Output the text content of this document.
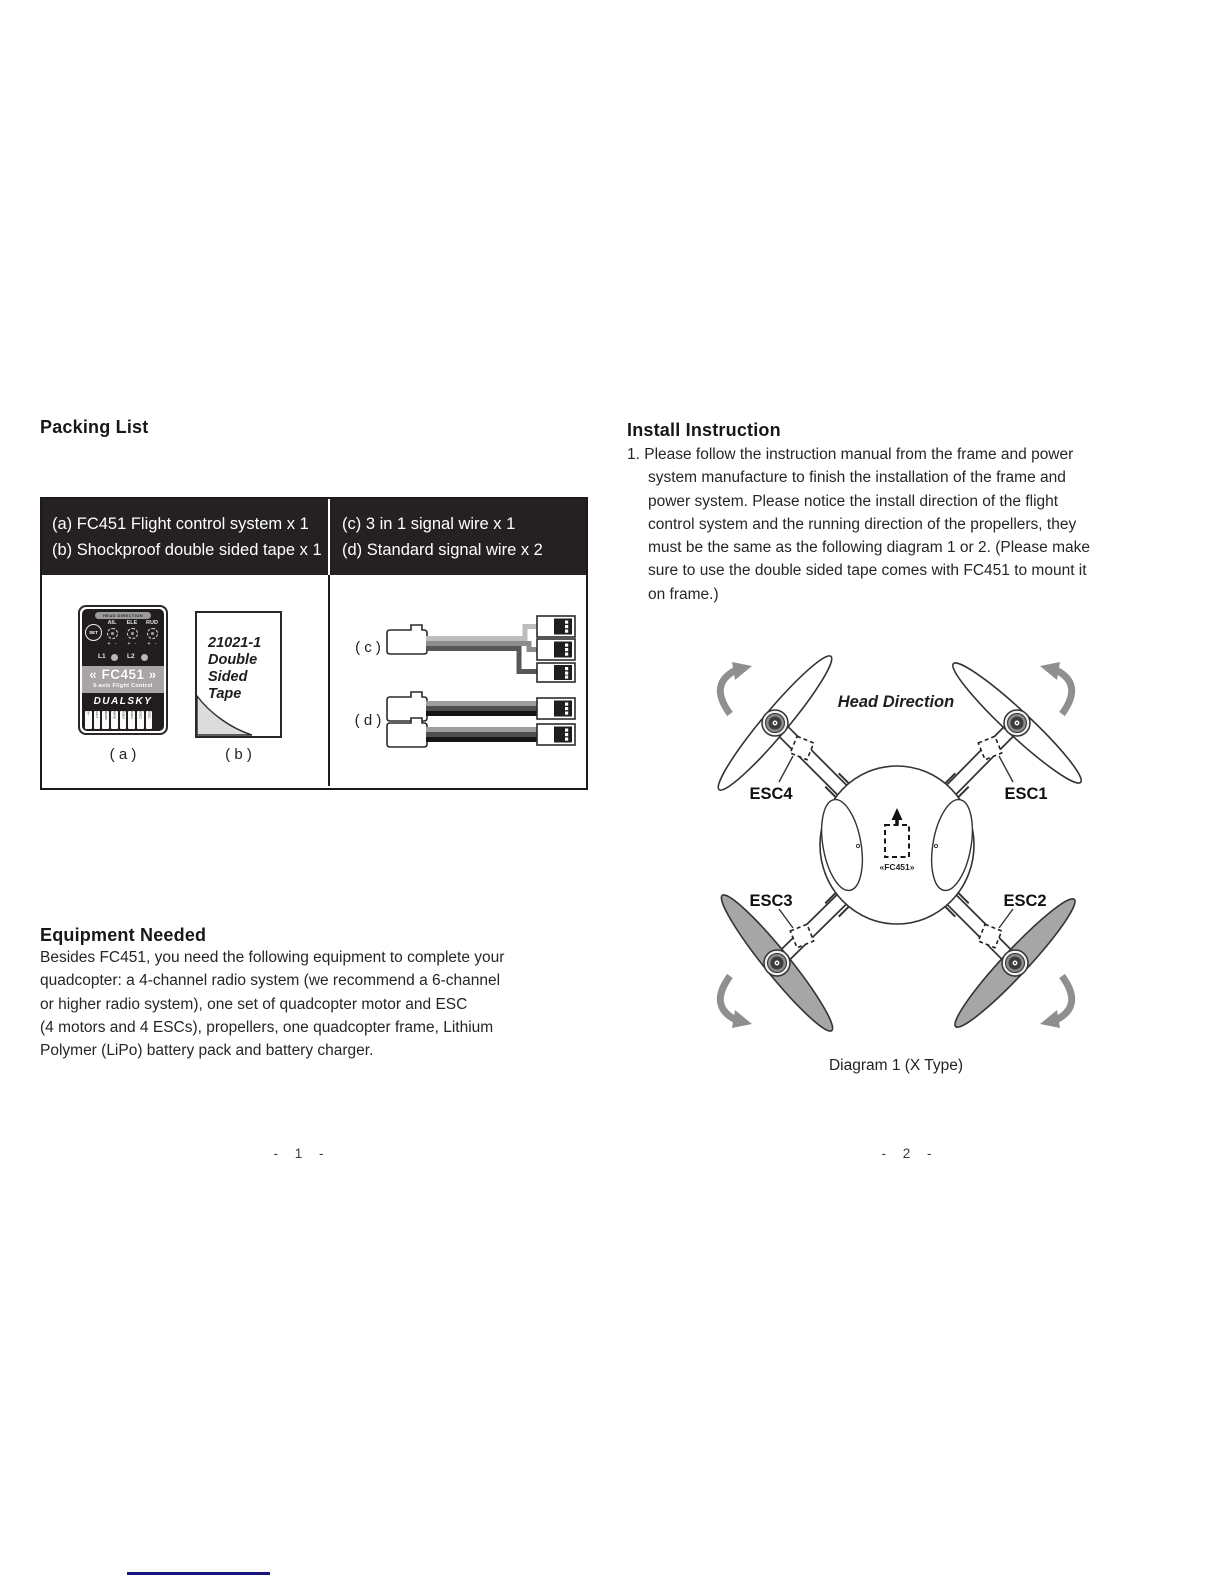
Packing List
(a) FC451 Flight control system x 1
(b) Shockproof double sided tape x 1
(c) 3 in 1 signal wire x 1
(d) Standard signal wire x 2
HEAD DIRECTION
SET
AIL	ELE	RUD
+ -	+ -	+ -
L1	L2
« FC451 »
6-axis Flight Control
DUALSKY
S+-	AIL/T	RUDD	MATE	ESC4	ESC3	ESC2	ESC1
( a )
21021-1
Double
Sided
Tape
( b )
( c )
( d )
Equipment Needed
Besides FC451, you need the following equipment to complete your
quadcopter: a 4-channel radio system (we recommend a 6-channel
or higher radio system), one set of quadcopter motor and ESC
(4 motors and 4 ESCs), propellers, one quadcopter frame, Lithium
Polymer (LiPo) battery pack and battery charger.
- 1 -
Install Instruction
1. Please follow the instruction manual from the frame and power
system manufacture to finish the installation of the frame and
power system. Please notice the install direction of the flight
control system and the running direction of the propellers, they
must be the same as the following diagram 1 or 2. (Please make
sure to use the double sided tape comes with FC451 to mount it
on frame.)
ESC4	ESC1
ESC3	ESC2
Head Direction
«FC451»
Diagram 1 (X Type)
- 2 -
